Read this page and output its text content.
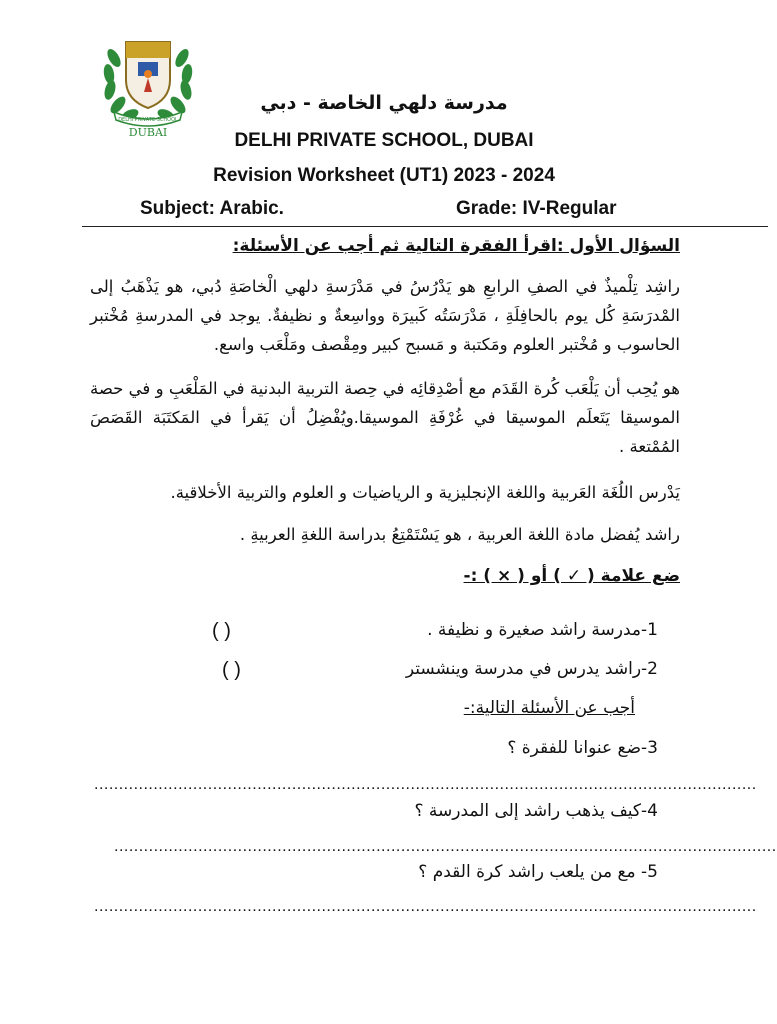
DELHI PRIVATE SCHOOL
DUBAI
مدرسة دلهي الخاصة - دبي
DELHI PRIVATE SCHOOL, DUBAI
Revision Worksheet (UT1) 2023 - 2024
Subject: Arabic.	Grade: IV-Regular
السؤال الأول :اقرأ الفقرة التالية ثم أجب عن الأسئلة:
راشِد تِلْميذٌ في الصفِ الرابعِ هو يَدْرُسُ في مَدْرَسةِ دلهي الْخاصَةِ دُبي، هو يَذْهَبُ إلى المْدرَسَةِ كُل يوم بالحافِلَةِ ، مَدْرَسَتُه كَبيرَة وواسِعةٌ و نظيفةٌ. يوجد في المدرسةِ مُخْتبر الحاسوب و مُخْتبر العلوم ومَكتبة و مَسبح كبير ومِقْصف ومَلْعَب واسع.
هو يُحِب أن يَلْعَب كُرة القَدَم مع أصْدِقائِه في حِصة التربية البدنية في المَلْعَبِ و في حصة الموسيقا يَتَعلَم الموسيقا في غُرْفَةِ الموسيقا.ويُفْضِلُ أن يَقرأ في المَكتَبَة القَصَصَ المُمْتعة .
يَدْرس اللُغَة العَربية واللغة الإنجليزية و الرياضيات و العلوم والتربية الأخلاقية.
راشد يُفضل مادة اللغة العربية ، هو يَسْتَمْتِعُ بدراسة اللغةِ العربيةِ .
ضع علامة ( ✓ ) أو ( × ) :-
1-مدرسة راشد صغيرة و نظيفة .
( )
2-راشد يدرس في مدرسة وينشستر
( )
أجب عن الأسئلة التالية:-
3-ضع عنوانا للفقرة ؟
......................................................................................................................................
4-كيف يذهب راشد إلى المدرسة ؟
......................................................................................................................................
5- مع من يلعب راشد كرة القدم ؟
......................................................................................................................................
